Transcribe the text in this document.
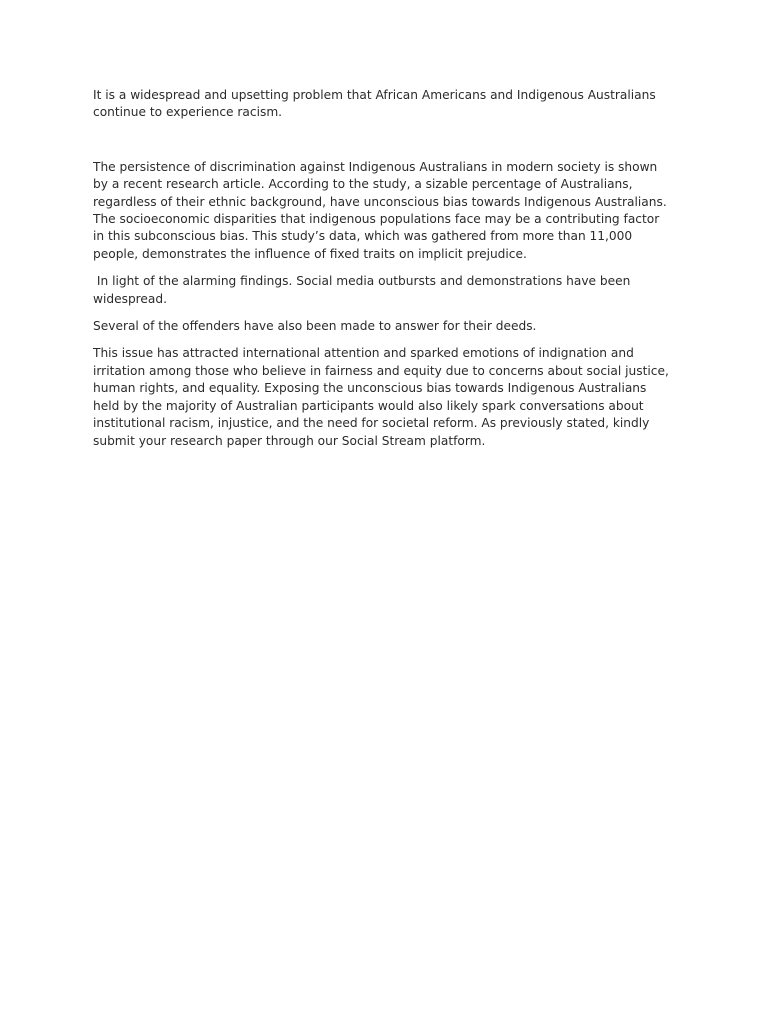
It is a widespread and upsetting problem that African Americans and Indigenous Australians continue to experience racism.

The persistence of discrimination against Indigenous Australians in modern society is shown by a recent research article. According to the study, a sizable percentage of Australians, regardless of their ethnic background, have unconscious bias towards Indigenous Australians. The socioeconomic disparities that indigenous populations face may be a contributing factor in this subconscious bias. This study’s data, which was gathered from more than 11,000 people, demonstrates the influence of fixed traits on implicit prejudice.

In light of the alarming findings. Social media outbursts and demonstrations have been widespread.

Several of the offenders have also been made to answer for their deeds.

This issue has attracted international attention and sparked emotions of indignation and irritation among those who believe in fairness and equity due to concerns about social justice, human rights, and equality. Exposing the unconscious bias towards Indigenous Australians held by the majority of Australian participants would also likely spark conversations about institutional racism, injustice, and the need for societal reform. As previously stated, kindly submit your research paper through our Social Stream platform.
